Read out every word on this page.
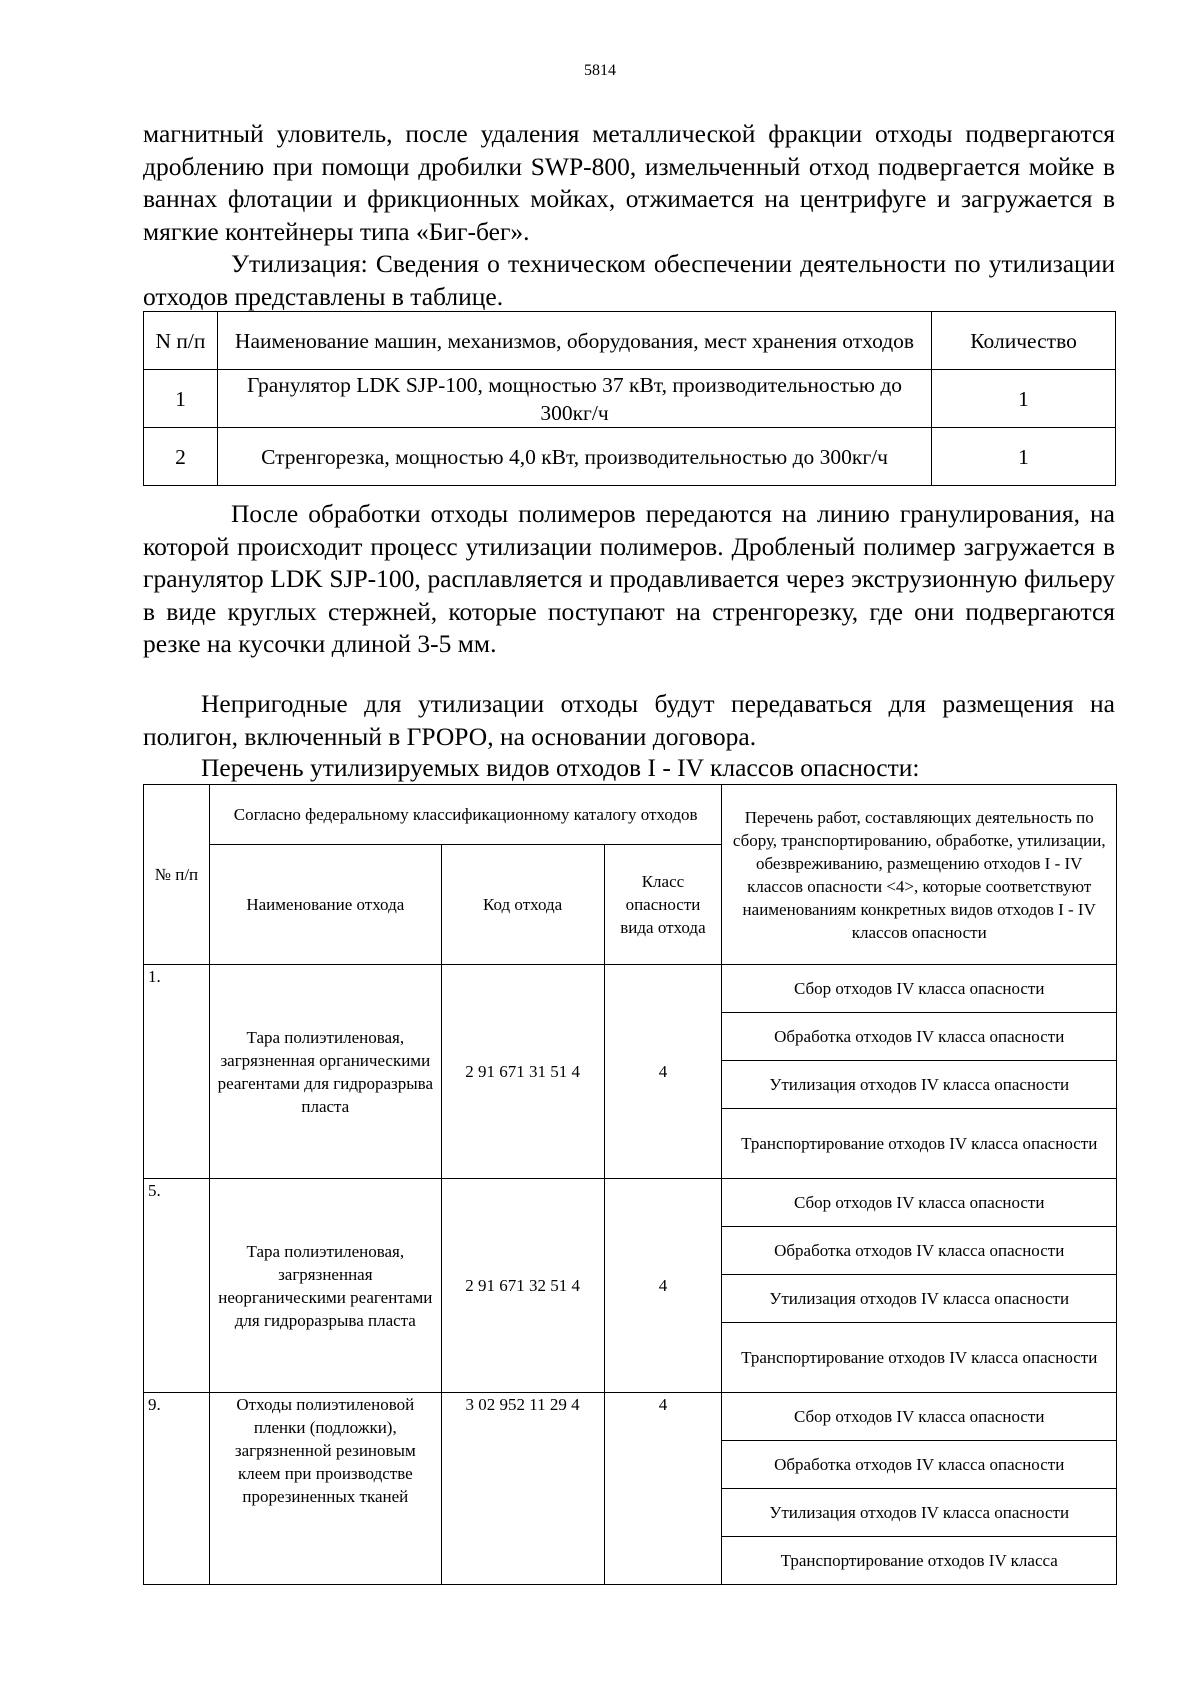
5814

магнитный уловитель, после удаления металлической фракции отходы подвергаются дроблению при помощи дробилки SWP-800, измельченный отход подвергается мойке в ваннах флотации и фрикционных мойках, отжимается на центрифуге и загружается в мягкие контейнеры типа «Биг-бег».

Утилизация: Сведения о техническом обеспечении деятельности по утилизации отходов представлены в таблице.

N п/п	Наименование машин, механизмов, оборудования, мест хранения отходов	Количество
1	Гранулятор LDK SJP-100, мощностью 37 кВт, производительностью до 300кг/ч	1
2	Стренгорезка, мощностью 4,0 кВт, производительностью до 300кг/ч	1

После обработки отходы полимеров передаются на линию гранулирования, на которой происходит процесс утилизации полимеров. Дробленый полимер загружается в гранулятор LDK SJP-100, расплавляется и продавливается через экструзионную фильеру в виде круглых стержней, которые поступают на стренгорезку, где они подвергаются резке на кусочки длиной 3-5 мм.

Непригодные для утилизации отходы будут передаваться для размещения на полигон, включенный в ГРОРО, на основании договора.

Перечень утилизируемых видов отходов I - IV классов опасности:

№ п/п	Согласно федеральному классификационному каталогу отходов			Перечень работ, составляющих деятельность по сбору, транспортированию, обработке, утилизации, обезвреживанию, размещению отходов I - IV классов опасности <4>, которые соответствуют наименованиям конкретных видов отходов I - IV классов опасности
	Наименование отхода	Код отхода	Класс опасности вида отхода	
1.	Тара полиэтиленовая, загрязненная органическими реагентами для гидроразрыва пласта	2 91 671 31 51 4	4	Сбор отходов IV класса опасности
				Обработка отходов IV класса опасности
				Утилизация отходов IV класса опасности
				Транспортирование отходов IV класса опасности
5.	Тара полиэтиленовая, загрязненная неорганическими реагентами для гидроразрыва пласта	2 91 671 32 51 4	4	Сбор отходов IV класса опасности
				Обработка отходов IV класса опасности
				Утилизация отходов IV класса опасности
				Транспортирование отходов IV класса опасности
9.	Отходы полиэтиленовой пленки (подложки), загрязненной резиновым клеем при производстве прорезиненных тканей	3 02 952 11 29 4	4	Сбор отходов IV класса опасности
				Обработка отходов IV класса опасности
				Утилизация отходов IV класса опасности
				Транспортирование отходов IV класса
